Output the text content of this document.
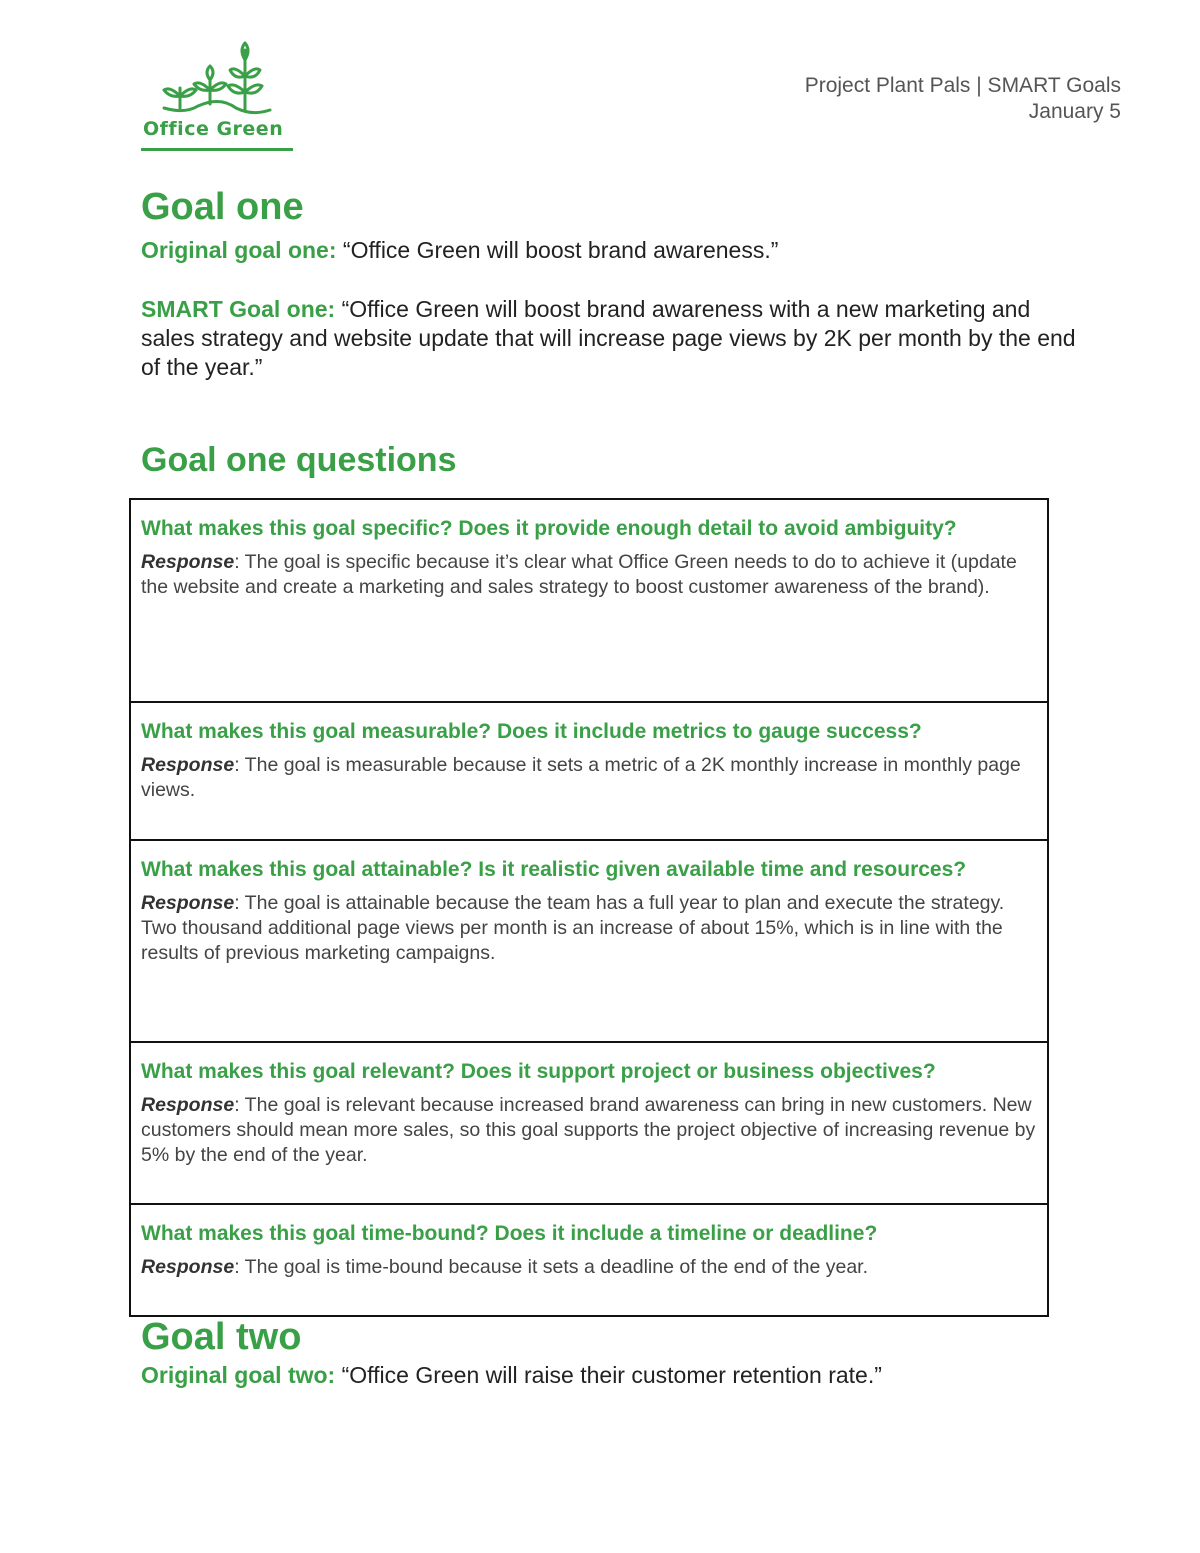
Office Green
Project Plant Pals | SMART Goals
January 5
Goal one

Original goal one: “Office Green will boost brand awareness.”

SMART Goal one: “Office Green will boost brand awareness with a new marketing and sales strategy and website update that will increase page views by 2K per month by the end of the year.”

Goal one questions
What makes this goal specific? Does it provide enough detail to avoid ambiguity?
Response: The goal is specific because it’s clear what Office Green needs to do to achieve it (update the website and create a marketing and sales strategy to boost customer awareness of the brand).

What makes this goal measurable? Does it include metrics to gauge success?
Response: The goal is measurable because it sets a metric of a 2K monthly increase in monthly page views.

What makes this goal attainable? Is it realistic given available time and resources?
Response: The goal is attainable because the team has a full year to plan and execute the strategy. Two thousand additional page views per month is an increase of about 15%, which is in line with the results of previous marketing campaigns.

What makes this goal relevant? Does it support project or business objectives?
Response: The goal is relevant because increased brand awareness can bring in new customers. New customers should mean more sales, so this goal supports the project objective of increasing revenue by 5% by the end of the year.

What makes this goal time-bound? Does it include a timeline or deadline?
Response: The goal is time-bound because it sets a deadline of the end of the year.
Goal two

Original goal two: “Office Green will raise their customer retention rate.”
